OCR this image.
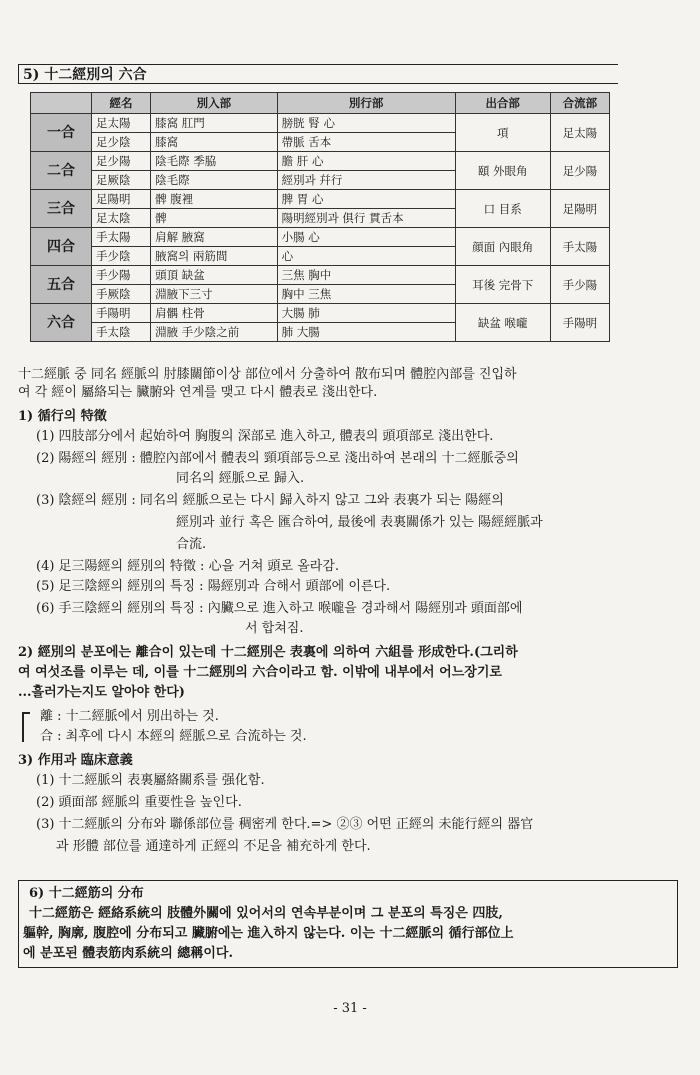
5) 十二經別의 六合
	經名	別入部	別行部	出合部	合流部
一合	足太陽	膝窩 肛門	膀胱 腎 心	項	足太陽
	足少陰	膝窩	帶脈 舌本		
二合	足少陽	陰毛際 季脇	膽 肝 心	頤 外眼角	足少陽
	足厥陰	陰毛際	經別과 幷行		
三合	足陽明	髀 腹裡	脾 胃 心	口 目系	足陽明
	足太陰	髀	陽明經別과 俱行 貫舌本		
四合	手太陽	肩解 腋窩	小腸 心	顔面 內眼角	手太陽
	手少陰	腋窩의 兩筋間	心		
五合	手少陽	頭頂 缺盆	三焦 胸中	耳後 完骨下	手少陽
	手厥陰	淵腋下三寸	胸中 三焦		
六合	手陽明	肩髃 柱骨	大腸 肺	缺盆 喉嚨	手陽明
	手太陰	淵腋 手少陰之前	肺 大腸		
十二經脈 중 同名 經脈의 肘膝關節이상 部位에서 分출하여 散布되며 體腔內部를 진입하
여 각 經이 屬絡되는 臟腑와 연계를 맺고 다시 體表로 淺出한다.
1) 循行의 特徵
(1) 四肢部分에서 起始하여 胸腹의 深部로 進入하고, 體表의 頭項部로 淺出한다.
(2) 陽經의 經別 : 體腔內部에서 體表의 頸項部등으로 淺出하여 본래의 十二經脈중의
同名의 經脈으로 歸入.
(3) 陰經의 經別 : 同名의 經脈으로는 다시 歸入하지 않고 그와 表裏가 되는 陽經의
經別과 並行 혹은 匯合하여, 最後에 表裏關係가 있는 陽經經脈과
合流.
(4) 足三陽經의 經別의 特徵 : 心을 거쳐 頭로 올라감.
(5) 足三陰經의 經別의 특징 : 陽經別과 合해서 頭部에 이른다.
(6) 手三陰經의 經別의 특징 : 內臟으로 進入하고 喉嚨을 경과해서 陽經別과 頭面部에
서 합쳐짐.
2) 經別의 분포에는 離合이 있는데 十二經別은 表裏에 의하여 六組를 形成한다.(그리하
여 여섯조를 이루는 데, 이를 十二經別의 六合이라고 함. 이밖에 내부에서 어느장기로
...흘러가는지도 알아야 한다)
離 : 十二經脈에서 別出하는 것.
合 : 최후에 다시 本經의 經脈으로 合流하는 것.
3) 作用과 臨床意義
(1) 十二經脈의 表裏屬絡關系를 强化함.
(2) 頭面部 經脈의 重要性을 높인다.
(3) 十二經脈의 分布와 聯係部位를 稠密케 한다.=> ②③ 어떤 正經의 未能行經의 器官
과 形體 部位를 通達하게 正經의 不足을 補充하게 한다.
6) 十二經筋의 分布
十二經筋은 經絡系統의 肢體外關에 있어서의 연속부분이며 그 분포의 특징은 四肢,
軀幹, 胸廓, 腹腔에 分布되고 臟腑에는 進入하지 않는다. 이는 十二經脈의 循行部位上
에 분포된 體表筋肉系統의 總稱이다.
- 31 -
